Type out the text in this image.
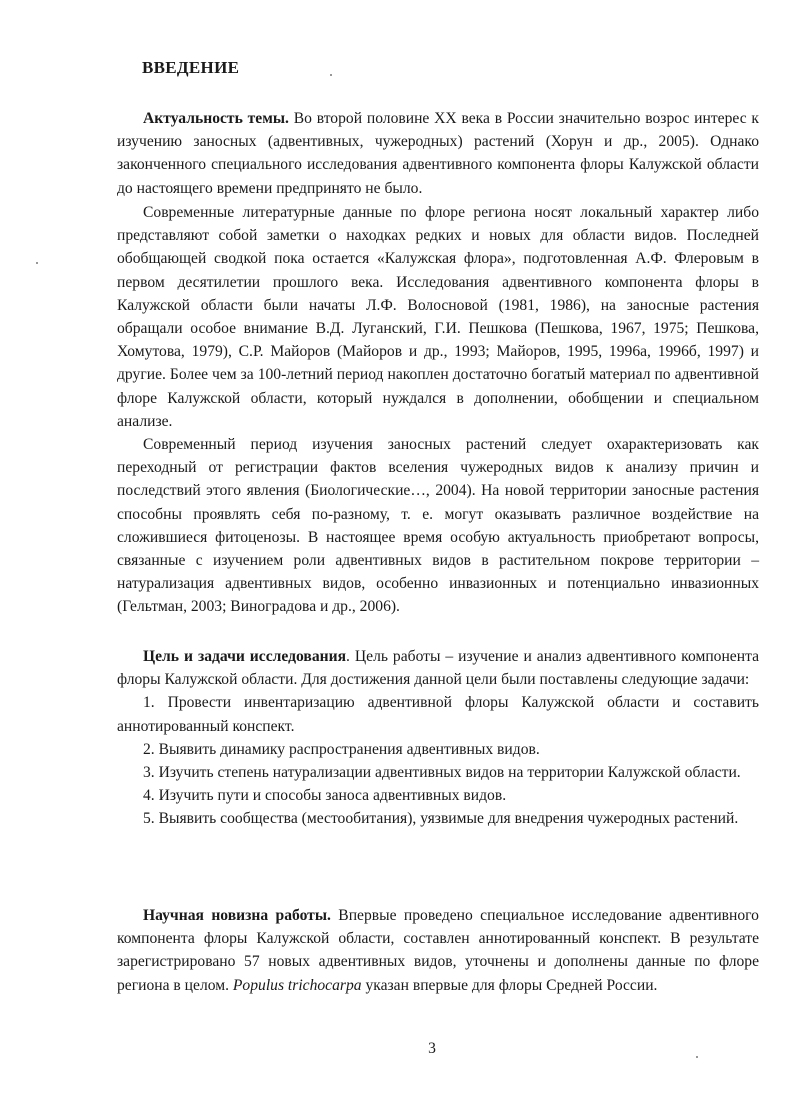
ВВЕДЕНИЕ

Актуальность темы. Во второй половине XX века в России значительно возрос интерес к изучению заносных (адвентивных, чужеродных) растений (Хорун и др., 2005). Однако законченного специального исследования адвентивного компонента флоры Калужской области до настоящего времени предпринято не было.

Современные литературные данные по флоре региона носят локальный характер либо представляют собой заметки о находках редких и новых для области видов. Последней обобщающей сводкой пока остается «Калужская флора», подготовленная А.Ф. Флеровым в первом десятилетии прошлого века. Исследования адвентивного компонента флоры в Калужской области были начаты Л.Ф. Волосновой (1981, 1986), на заносные растения обращали особое внимание В.Д. Луганский, Г.И. Пешкова (Пешкова, 1967, 1975; Пешкова, Хомутова, 1979), С.Р. Майоров (Майоров и др., 1993; Майоров, 1995, 1996а, 1996б, 1997) и другие. Более чем за 100-летний период накоплен достаточно богатый материал по адвентивной флоре Калужской области, который нуждался в дополнении, обобщении и специальном анализе.

Современный период изучения заносных растений следует охарактеризовать как переходный от регистрации фактов вселения чужеродных видов к анализу причин и последствий этого явления (Биологические…, 2004). На новой территории заносные растения способны проявлять себя по-разному, т. е. могут оказывать различное воздействие на сложившиеся фитоценозы. В настоящее время особую актуальность приобретают вопросы, связанные с изучением роли адвентивных видов в растительном покрове территории – натурализация адвентивных видов, особенно инвазионных и потенциально инвазионных (Гельтман, 2003; Виноградова и др., 2006).

Цель и задачи исследования. Цель работы – изучение и анализ адвентивного компонента флоры Калужской области. Для достижения данной цели были поставлены следующие задачи:

1. Провести инвентаризацию адвентивной флоры Калужской области и составить аннотированный конспект.

2. Выявить динамику распространения адвентивных видов.

3. Изучить степень натурализации адвентивных видов на территории Калужской области.

4. Изучить пути и способы заноса адвентивных видов.

5. Выявить сообщества (местообитания), уязвимые для внедрения чужеродных растений.

Научная новизна работы. Впервые проведено специальное исследование адвентивного компонента флоры Калужской области, составлен аннотированный конспект. В результате зарегистрировано 57 новых адвентивных видов, уточнены и дополнены данные по флоре региона в целом. Populus trichocarpa указан впервые для флоры Средней России.

3
